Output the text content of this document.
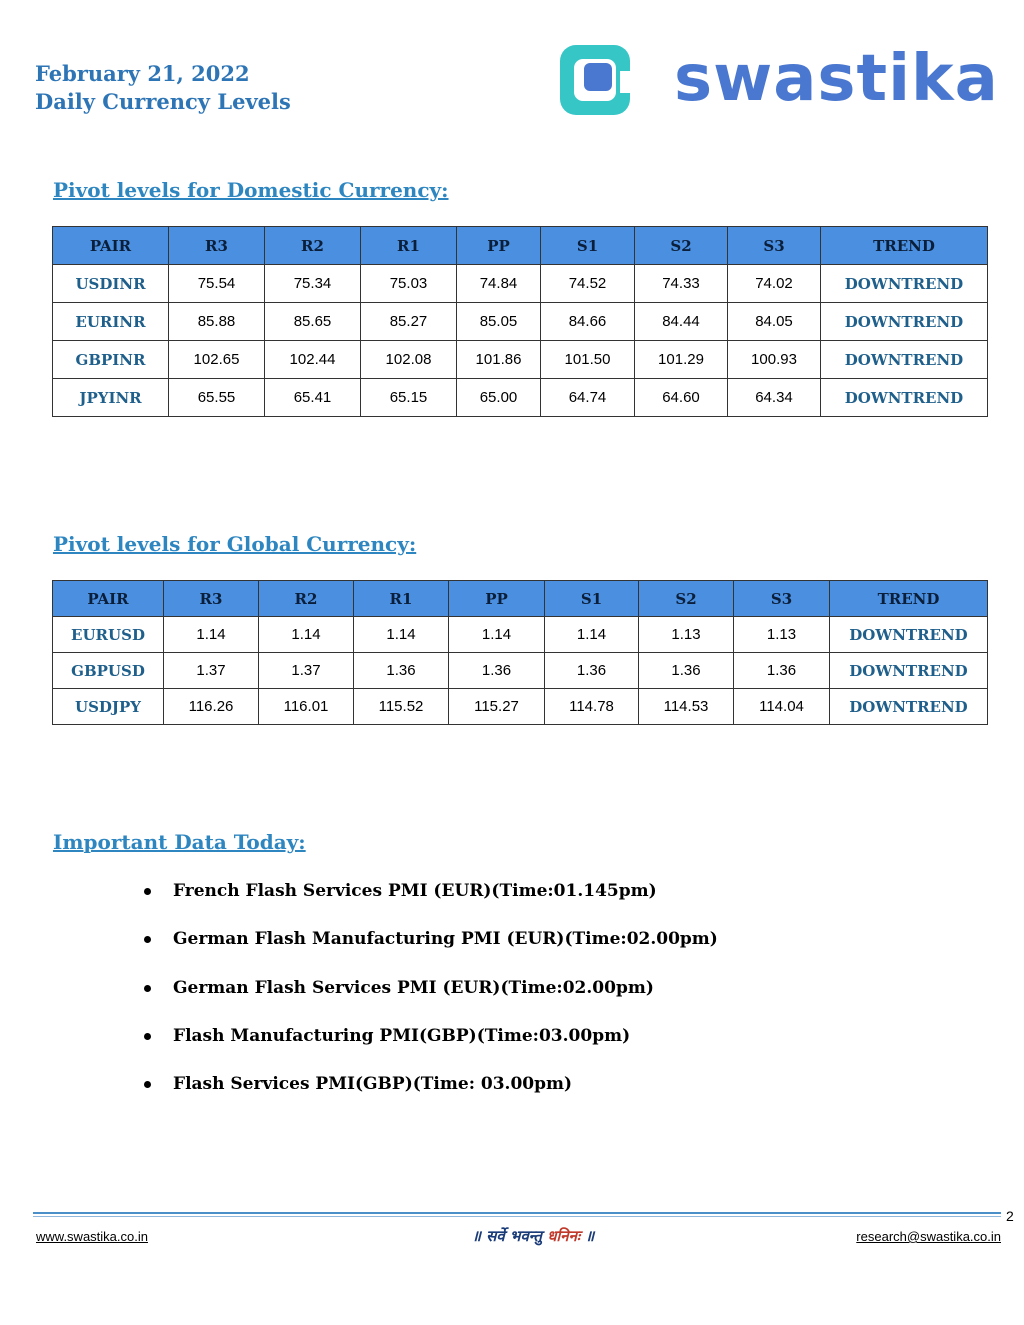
February 21, 2022
Daily Currency Levels	swastika
Pivot levels for Domestic Currency:
PAIR	R3	R2	R1	PP	S1	S2	S3	TREND
USDINR	75.54	75.34	75.03	74.84	74.52	74.33	74.02	DOWNTREND
EURINR	85.88	85.65	85.27	85.05	84.66	84.44	84.05	DOWNTREND
GBPINR	102.65	102.44	102.08	101.86	101.50	101.29	100.93	DOWNTREND
JPYINR	65.55	65.41	65.15	65.00	64.74	64.60	64.34	DOWNTREND
Pivot levels for Global Currency:
PAIR	R3	R2	R1	PP	S1	S2	S3	TREND
EURUSD	1.14	1.14	1.14	1.14	1.14	1.13	1.13	DOWNTREND
GBPUSD	1.37	1.37	1.36	1.36	1.36	1.36	1.36	DOWNTREND
USDJPY	116.26	116.01	115.52	115.27	114.78	114.53	114.04	DOWNTREND
Important Data Today:
French Flash Services PMI (EUR)(Time:01.145pm)
German Flash Manufacturing PMI (EUR)(Time:02.00pm)
German Flash Services PMI (EUR)(Time:02.00pm)
Flash Manufacturing PMI(GBP)(Time:03.00pm)
Flash Services PMI(GBP)(Time: 03.00pm)
2
www.swastika.co.in	॥ सर्वे भवन्तु धनिनः ॥	research@swastika.co.in
